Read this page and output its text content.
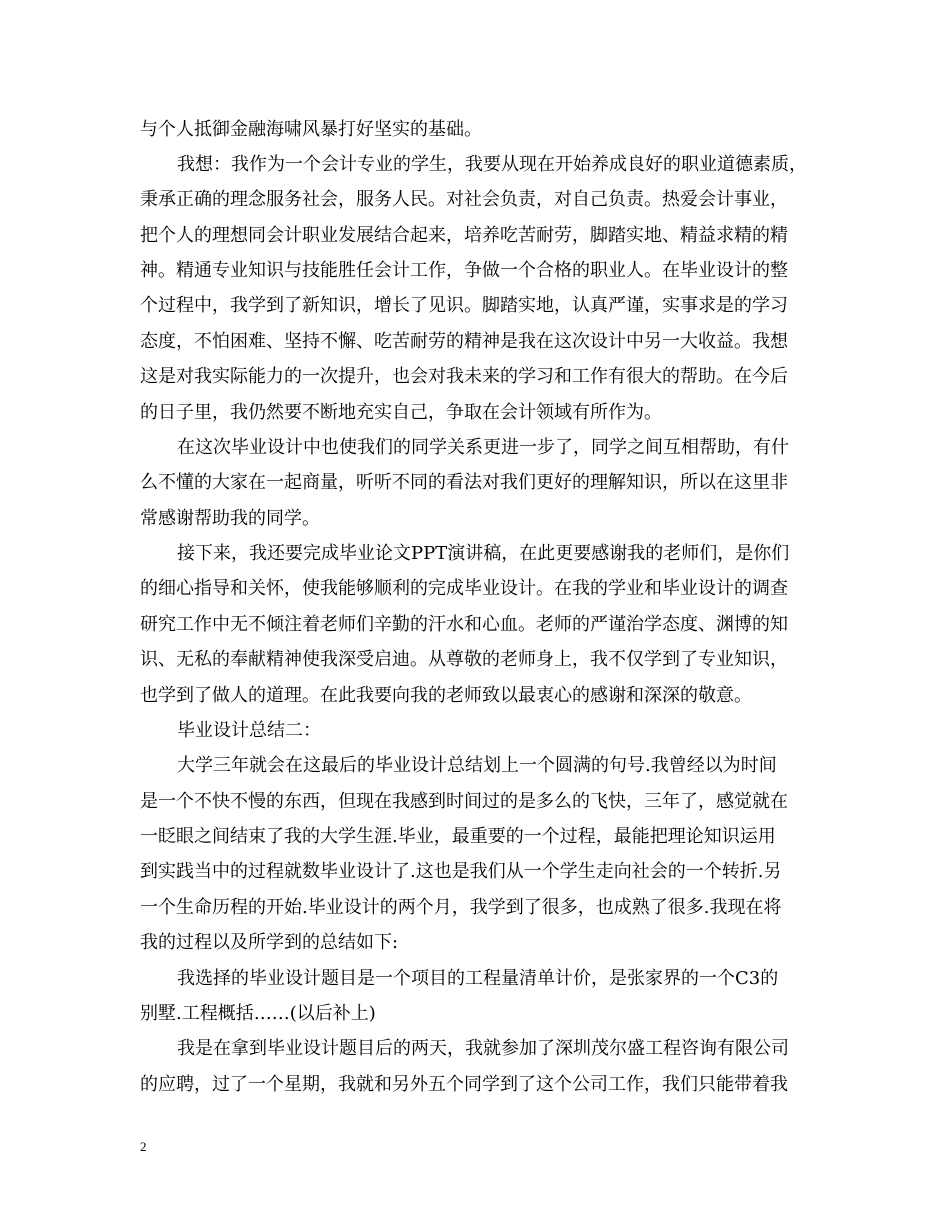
与个人抵御金融海啸风暴打好坚实的基础。
我想：我作为一个会计专业的学生，我要从现在开始养成良好的职业道德素质，
秉承正确的理念服务社会，服务人民。对社会负责，对自己负责。热爱会计事业，
把个人的理想同会计职业发展结合起来，培养吃苦耐劳，脚踏实地、精益求精的精
神。精通专业知识与技能胜任会计工作，争做一个合格的职业人。在毕业设计的整
个过程中，我学到了新知识，增长了见识。脚踏实地，认真严谨，实事求是的学习
态度，不怕困难、坚持不懈、吃苦耐劳的精神是我在这次设计中另一大收益。我想
这是对我实际能力的一次提升，也会对我未来的学习和工作有很大的帮助。在今后
的日子里，我仍然要不断地充实自己，争取在会计领域有所作为。
在这次毕业设计中也使我们的同学关系更进一步了，同学之间互相帮助，有什
么不懂的大家在一起商量，听听不同的看法对我们更好的理解知识，所以在这里非
常感谢帮助我的同学。
接下来，我还要完成毕业论文PPT演讲稿，在此更要感谢我的老师们，是你们
的细心指导和关怀，使我能够顺利的完成毕业设计。在我的学业和毕业设计的调查
研究工作中无不倾注着老师们辛勤的汗水和心血。老师的严谨治学态度、渊博的知
识、无私的奉献精神使我深受启迪。从尊敬的老师身上，我不仅学到了专业知识，
也学到了做人的道理。在此我要向我的老师致以最衷心的感谢和深深的敬意。
毕业设计总结二：
大学三年就会在这最后的毕业设计总结划上一个圆满的句号.我曾经以为时间
是一个不快不慢的东西，但现在我感到时间过的是多么的飞快，三年了，感觉就在
一眨眼之间结束了我的大学生涯.毕业，最重要的一个过程，最能把理论知识运用
到实践当中的过程就数毕业设计了.这也是我们从一个学生走向社会的一个转折.另
一个生命历程的开始.毕业设计的两个月，我学到了很多，也成熟了很多.我现在将
我的过程以及所学到的总结如下:
我选择的毕业设计题目是一个项目的工程量清单计价，是张家界的一个C3的
别墅.工程概括……(以后补上)
我是在拿到毕业设计题目后的两天，我就参加了深圳茂尔盛工程咨询有限公司
的应聘，过了一个星期，我就和另外五个同学到了这个公司工作，我们只能带着我
2
